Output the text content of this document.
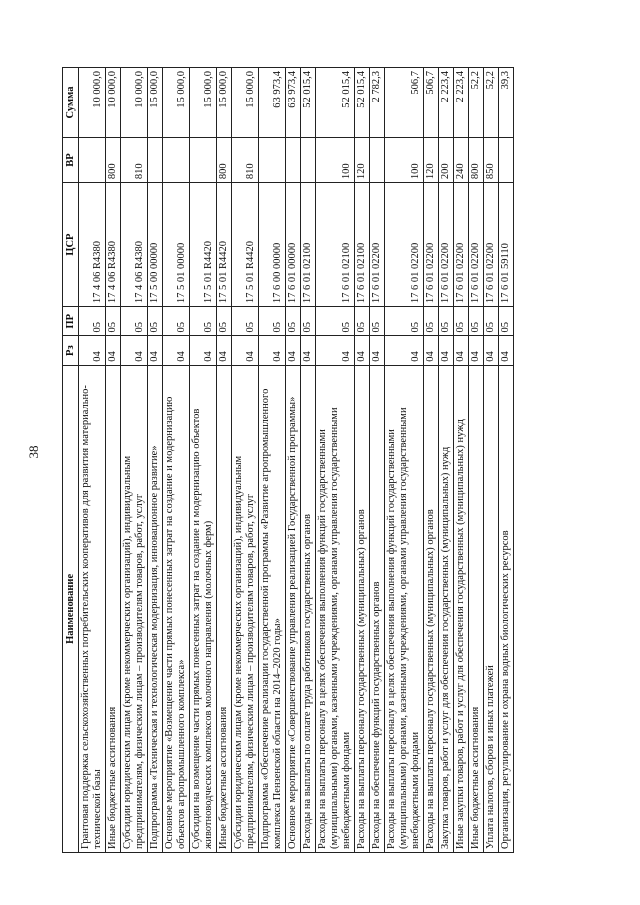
38
Наименование	Рз	ПР	ЦСР	ВР	Сумма
Грантовая поддержка сельскохозяйственных потребительских кооперативов для развития материально-технической базы	04	05	17 4 06 R4380		10 000,0
Иные бюджетные ассигнования	04	05	17 4 06 R4380	800	10 000,0
Субсидии юридическим лицам (кроме некоммерческих организаций), индивидуальным предпринимателям, физическим лицам – производителям товаров, работ, услуг	04	05	17 4 06 R4380	810	10 000,0
Подпрограмма «Техническая и технологическая модернизация, инновационное развитие»	04	05	17 5 00 00000		15 000,0
Основное мероприятие «Возмещение части прямых понесенных затрат на создание и модернизацию объектов агропромышленного комплекса»	04	05	17 5 01 00000		15 000,0
Субсидии на возмещение части прямых понесенных затрат на создание и модернизацию объектов животноводческих комплексов молочного направления (молочных ферм)	04	05	17 5 01 R4420		15 000,0
Иные бюджетные ассигнования	04	05	17 5 01 R4420	800	15 000,0
Субсидии юридическим лицам (кроме некоммерческих организаций), индивидуальным предпринимателям, физическим лицам – производителям товаров, работ, услуг	04	05	17 5 01 R4420	810	15 000,0
Подпрограмма «Обеспечение реализации государственной программы «Развитие агропромышленного комплекса Пензенской области на 2014–2020 годы»	04	05	17 6 00 00000		63 973,4
Основное мероприятие «Совершенствование управления реализацией Государственной программы»	04	05	17 6 01 00000		63 973,4
Расходы на выплаты по оплате труда работников государственных органов	04	05	17 6 01 02100		52 015,4
Расходы на выплаты персоналу в целях обеспечения выполнения функций государственными (муниципальными) органами, казенными учреждениями, органами управления государственными внебюджетными фондами	04	05	17 6 01 02100	100	52 015,4
Расходы на выплаты персоналу государственных (муниципальных) органов	04	05	17 6 01 02100	120	52 015,4
Расходы на обеспечение функций государственных органов	04	05	17 6 01 02200		2 782,3
Расходы на выплаты персоналу в целях обеспечения выполнения функций государственными (муниципальными) органами, казенными учреждениями, органами управления государственными внебюджетными фондами	04	05	17 6 01 02200	100	506,7
Расходы на выплаты персоналу государственных (муниципальных) органов	04	05	17 6 01 02200	120	506,7
Закупка товаров, работ и услуг для обеспечения государственных (муниципальных) нужд	04	05	17 6 01 02200	200	2 223,4
Иные закупки товаров, работ и услуг для обеспечения государственных (муниципальных) нужд	04	05	17 6 01 02200	240	2 223,4
Иные бюджетные ассигнования	04	05	17 6 01 02200	800	52,2
Уплата налогов, сборов и иных платежей	04	05	17 6 01 02200	850	52,2
Организация, регулирование и охрана водных биологических ресурсов	04	05	17 6 01 59110		39,3
